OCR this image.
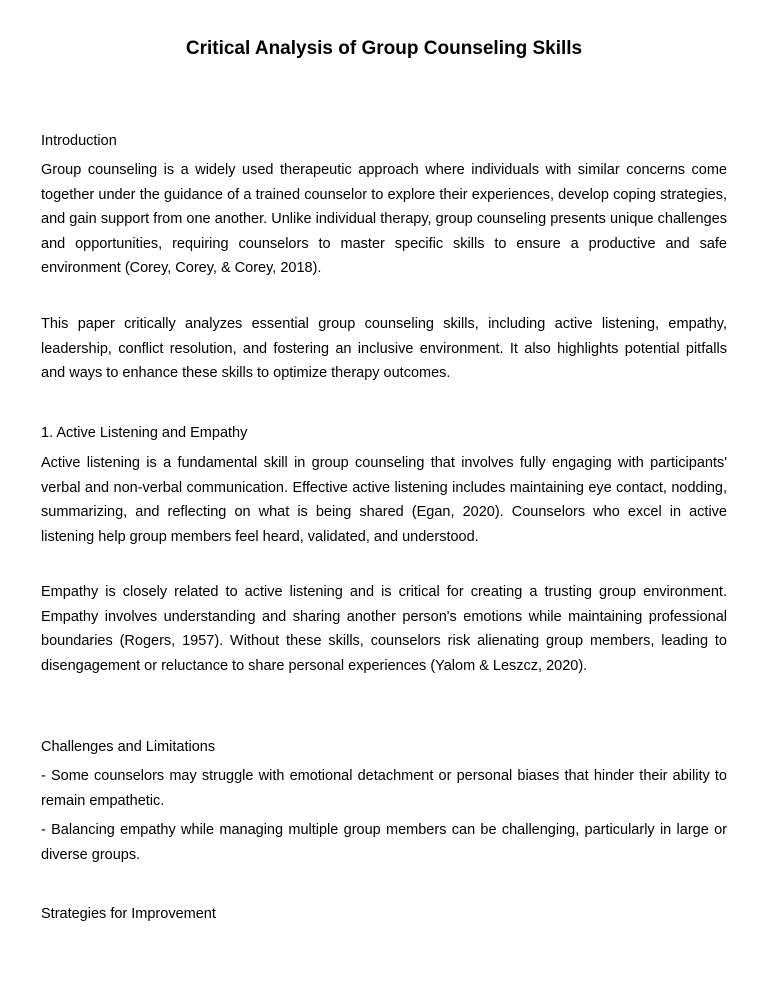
Critical Analysis of Group Counseling Skills

Introduction

Group counseling is a widely used therapeutic approach where individuals with similar concerns come together under the guidance of a trained counselor to explore their experiences, develop coping strategies, and gain support from one another. Unlike individual therapy, group counseling presents unique challenges and opportunities, requiring counselors to master specific skills to ensure a productive and safe environment (Corey, Corey, & Corey, 2018).

This paper critically analyzes essential group counseling skills, including active listening, empathy, leadership, conflict resolution, and fostering an inclusive environment. It also highlights potential pitfalls and ways to enhance these skills to optimize therapy outcomes.

1. Active Listening and Empathy

Active listening is a fundamental skill in group counseling that involves fully engaging with participants' verbal and non-verbal communication. Effective active listening includes maintaining eye contact, nodding, summarizing, and reflecting on what is being shared (Egan, 2020). Counselors who excel in active listening help group members feel heard, validated, and understood.

Empathy is closely related to active listening and is critical for creating a trusting group environment. Empathy involves understanding and sharing another person's emotions while maintaining professional boundaries (Rogers, 1957). Without these skills, counselors risk alienating group members, leading to disengagement or reluctance to share personal experiences (Yalom & Leszcz, 2020).

Challenges and Limitations

- Some counselors may struggle with emotional detachment or personal biases that hinder their ability to remain empathetic.

- Balancing empathy while managing multiple group members can be challenging, particularly in large or diverse groups.

Strategies for Improvement
